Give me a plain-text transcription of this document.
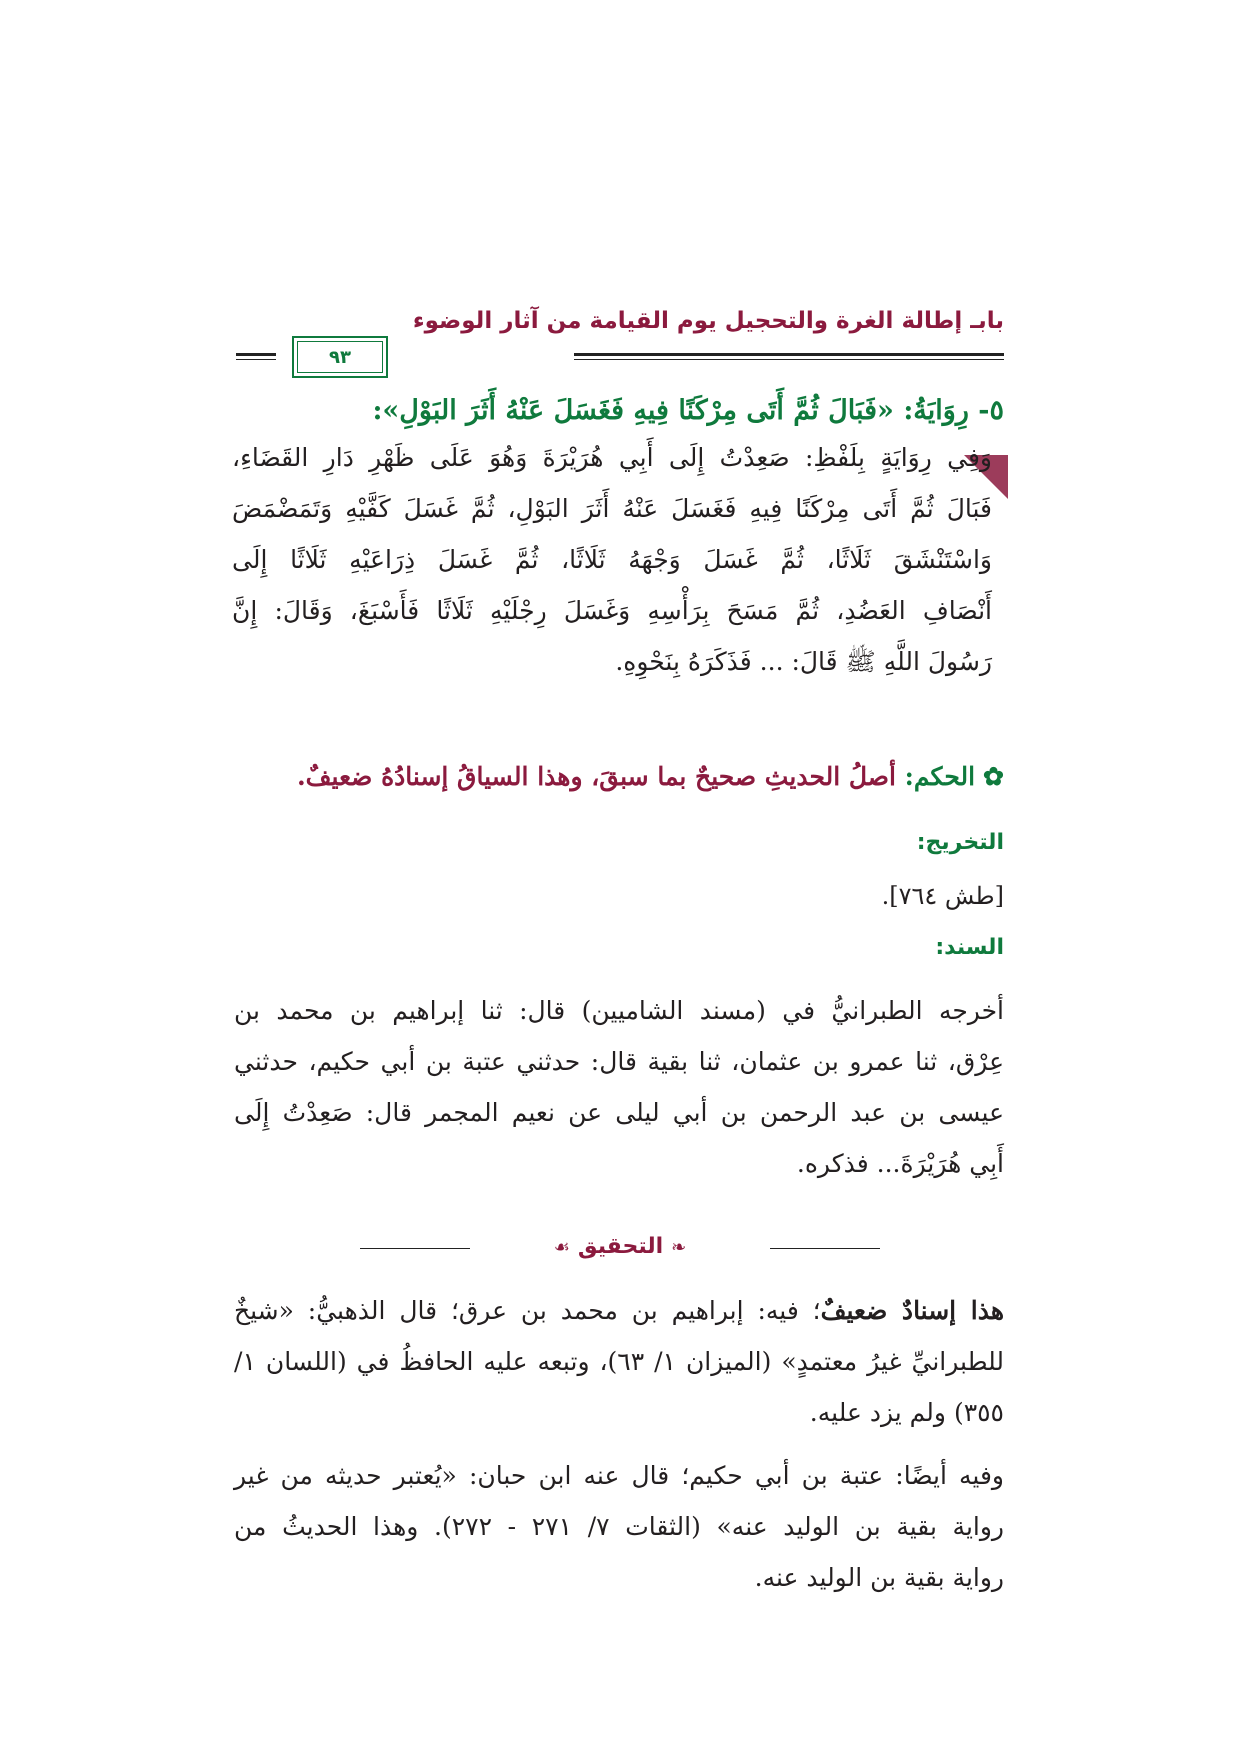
بابـ إطالة الغرة والتحجيل يوم القيامة من آثار الوضوء
٩٣
٥- رِوَايَةُ: «فَبَالَ ثُمَّ أَتَى مِرْكَنًا فِيهِ فَغَسَلَ عَنْهُ أَثَرَ البَوْلِ»:
وَفِي رِوَايَةٍ بِلَفْظِ: صَعِدْتُ إِلَى أَبِي هُرَيْرَةَ وَهُوَ عَلَى ظَهْرِ دَارِ القَضَاءِ،
فَبَالَ ثُمَّ أَتَى مِرْكَنًا فِيهِ فَغَسَلَ عَنْهُ أَثَرَ البَوْلِ، ثُمَّ غَسَلَ كَفَّيْهِ وَتَمَضْمَضَ
وَاسْتَنْشَقَ ثَلَاثًا، ثُمَّ غَسَلَ وَجْهَهُ ثَلَاثًا، ثُمَّ غَسَلَ ذِرَاعَيْهِ ثَلَاثًا إِلَى
أَنْصَافِ العَضُدِ، ثُمَّ مَسَحَ بِرَأْسِهِ وَغَسَلَ رِجْلَيْهِ ثَلَاثًا فَأَسْبَغَ، وَقَالَ: إِنَّ
رَسُولَ اللَّهِ ﷺ قَالَ: ... فَذَكَرَهُ بِنَحْوِهِ.
✿الحكم: أصلُ الحديثِ صحيحٌ بما سبقَ، وهذا السياقُ إسنادُهُ ضعيفٌ.
التخريج:
[طش ٧٦٤].
السند:
أخرجه الطبرانيُّ في (مسند الشاميين) قال: ثنا إبراهيم بن محمد بن
عِرْق، ثنا عمرو بن عثمان، ثنا بقية قال: حدثني عتبة بن أبي حكيم، حدثني
عيسى بن عبد الرحمن بن أبي ليلى عن نعيم المجمر قال: صَعِدْتُ إِلَى
أَبِي هُرَيْرَةَ... فذكره.
❧التحقيق☙
هذا إسنادٌ ضعيفٌ؛ فيه: إبراهيم بن محمد بن عرق؛ قال الذهبيُّ: «شيخٌ
للطبرانيِّ غيرُ معتمدٍ» (الميزان ١/ ٦٣)، وتبعه عليه الحافظُ في (اللسان ١/
٣٥٥) ولم يزد عليه.
وفيه أيضًا: عتبة بن أبي حكيم؛ قال عنه ابن حبان: «يُعتبر حديثه من غير
رواية بقية بن الوليد عنه» (الثقات ٧/ ٢٧١ - ٢٧٢). وهذا الحديثُ من
رواية بقية بن الوليد عنه.
